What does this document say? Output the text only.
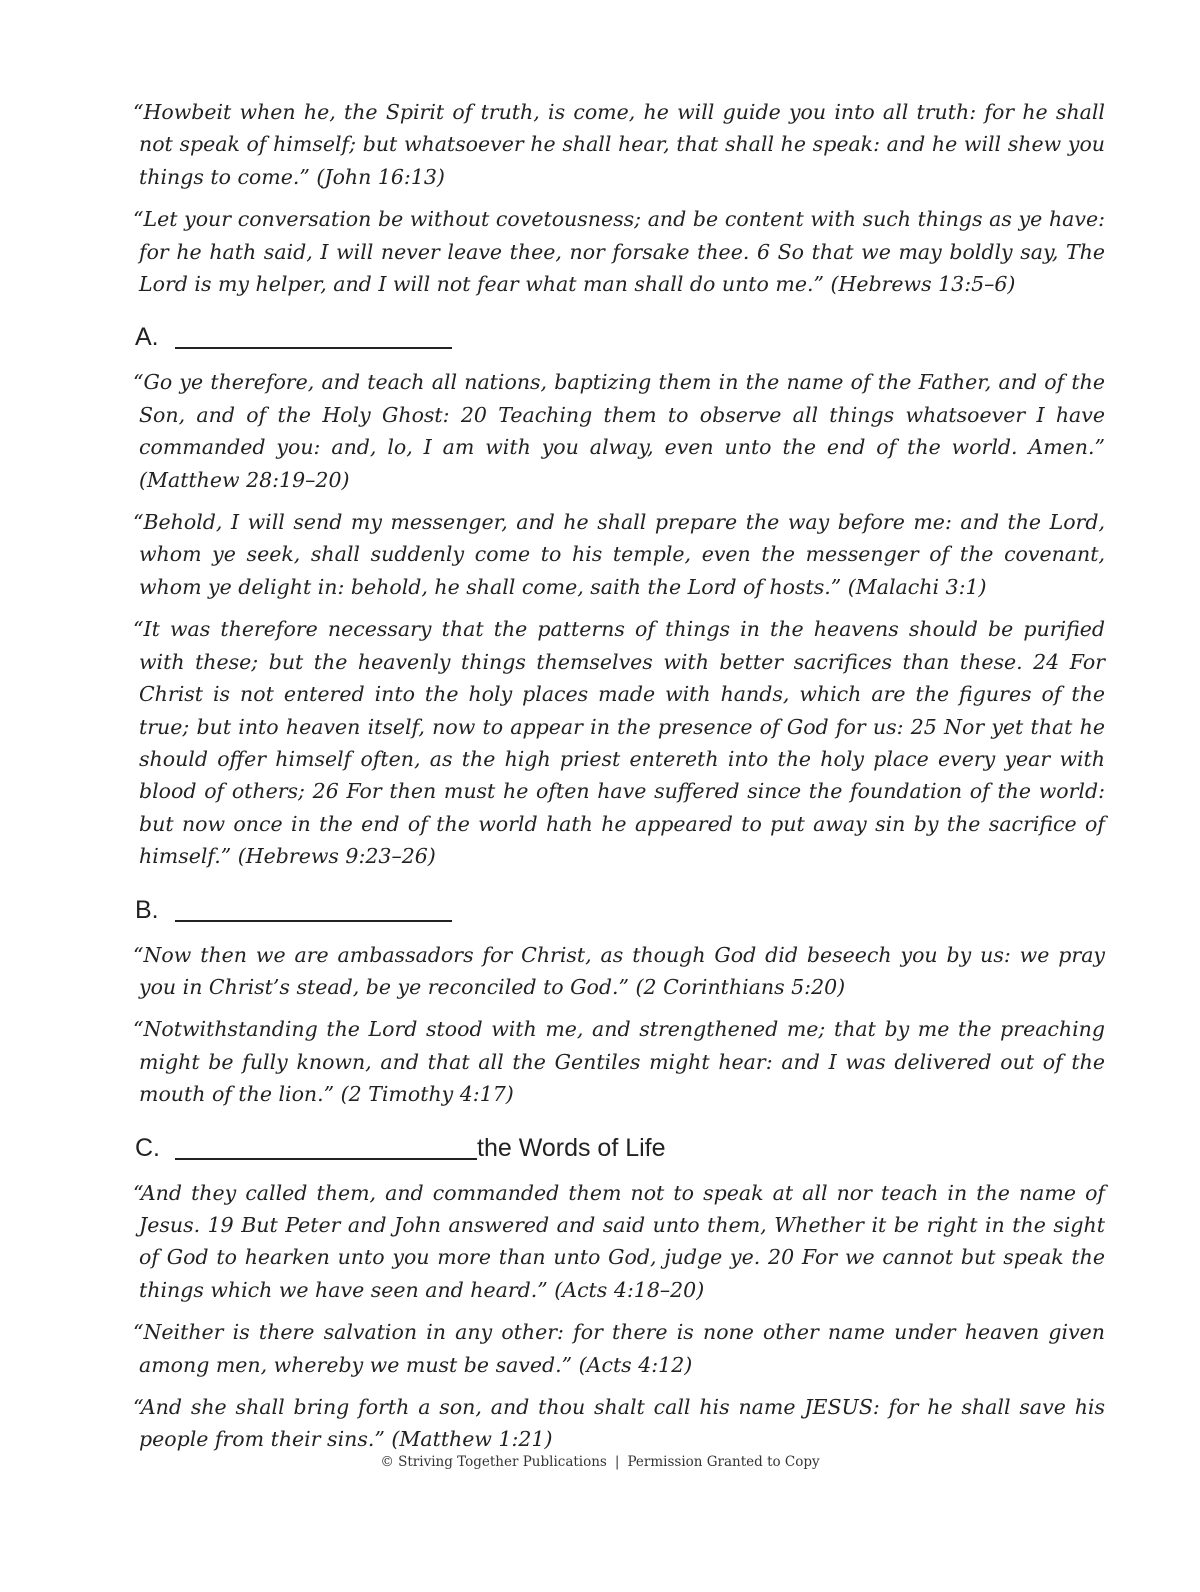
“Howbeit when he, the Spirit of truth, is come, he will guide you into all truth: for he shall not speak of himself; but whatsoever he shall hear, that shall he speak: and he will shew you things to come.” (John 16:13)

“Let your conversation be without covetousness; and be content with such things as ye have: for he hath said, I will never leave thee, nor forsake thee. 6 So that we may boldly say, The Lord is my helper, and I will not fear what man shall do unto me.” (Hebrews 13:5–6)

A.

“Go ye therefore, and teach all nations, baptizing them in the name of the Father, and of the Son, and of the Holy Ghost: 20 Teaching them to observe all things whatsoever I have commanded you: and, lo, I am with you alway, even unto the end of the world. Amen.” (Matthew 28:19–20)

“Behold, I will send my messenger, and he shall prepare the way before me: and the Lord, whom ye seek, shall suddenly come to his temple, even the messenger of the covenant, whom ye delight in: behold, he shall come, saith the Lord of hosts.” (Malachi 3:1)

“It was therefore necessary that the patterns of things in the heavens should be purified with these; but the heavenly things themselves with better sacrifices than these. 24 For Christ is not entered into the holy places made with hands, which are the figures of the true; but into heaven itself, now to appear in the presence of God for us: 25 Nor yet that he should offer himself often, as the high priest entereth into the holy place every year with blood of others; 26 For then must he often have suffered since the foundation of the world: but now once in the end of the world hath he appeared to put away sin by the sacrifice of himself.” (Hebrews 9:23–26)

B.

“Now then we are ambassadors for Christ, as though God did beseech you by us: we pray you in Christ’s stead, be ye reconciled to God.” (2 Corinthians 5:20)

“Notwithstanding the Lord stood with me, and strengthened me; that by me the preaching might be fully known, and that all the Gentiles might hear: and I was delivered out of the mouth of the lion.” (2 Timothy 4:17)

C.	the Words of Life

“And they called them, and commanded them not to speak at all nor teach in the name of Jesus. 19 But Peter and John answered and said unto them, Whether it be right in the sight of God to hearken unto you more than unto God, judge ye. 20 For we cannot but speak the things which we have seen and heard.” (Acts 4:18–20)

“Neither is there salvation in any other: for there is none other name under heaven given among men, whereby we must be saved.” (Acts 4:12)

“And she shall bring forth a son, and thou shalt call his name JESUS: for he shall save his people from their sins.” (Matthew 1:21)

© Striving Together Publications | Permission Granted to Copy
